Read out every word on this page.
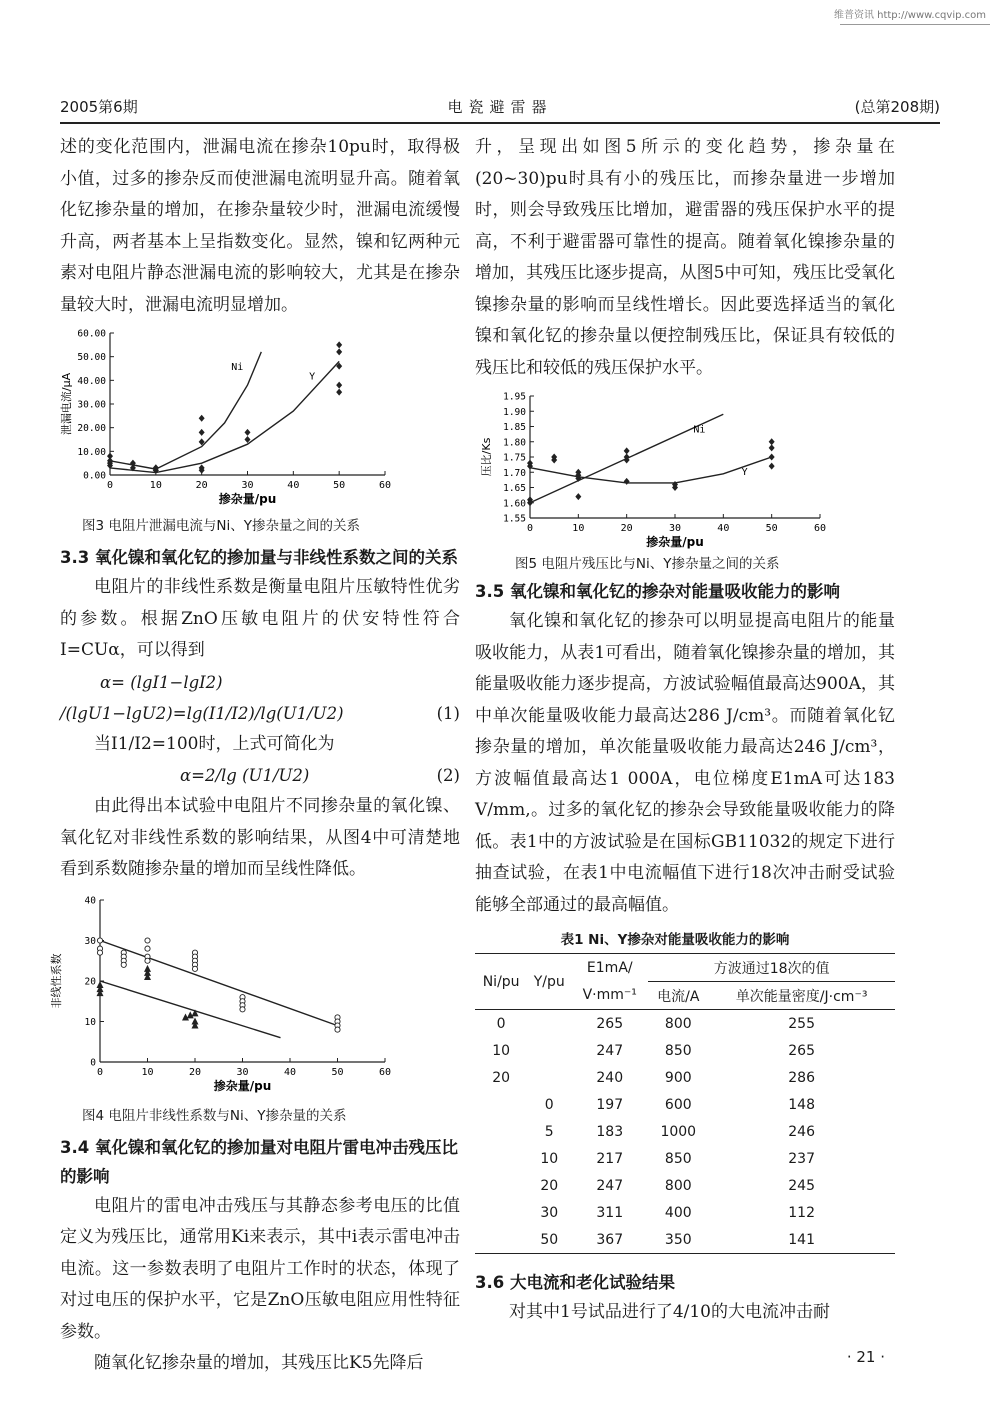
维普资讯 http://www.cqvip.com
2005第6期	电瓷避雷器	(总第208期)

述的变化范围内，泄漏电流在掺杂10pu时，取得极小值，过多的掺杂反而使泄漏电流明显升高。随着氧化钇掺杂量的增加，在掺杂量较少时，泄漏电流缓慢升高，两者基本上呈指数变化。显然，镍和钇两种元素对电阻片静态泄漏电流的影响较大，尤其是在掺杂量较大时，泄漏电流明显增加。

0	10	20	30	40	50	60
0.00
10.00
20.00
30.00
40.00
50.00
60.00
掺杂量/pu
泄漏电流/μA
Ni
Y
图3 电阻片泄漏电流与Ni、Y掺杂量之间的关系
3.3 氧化镍和氧化钇的掺加量与非线性系数之间的关系

电阻片的非线性系数是衡量电阻片压敏特性优劣的参数。根据ZnO压敏电阻片的伏安特性符合I=CUα，可以得到

α= (lgI1−lgI2) /(lgU1−lgU2)=lg(I1/I2)/lg(U1/U2)	(1)

当I1/I2=100时，上式可简化为

α=2/lg (U1/U2)	(2)

由此得出本试验中电阻片不同掺杂量的氧化镍、氧化钇对非线性系数的影响结果，从图4中可清楚地看到系数随掺杂量的增加而呈线性降低。

0	10	20	30	40	50	60
0
10
20
30
40
掺杂量/pu
非线性系数
图4 电阻片非线性系数与Ni、Y掺杂量的关系
3.4 氧化镍和氧化钇的掺加量对电阻片雷电冲击残压比的影响

电阻片的雷电冲击残压与其静态参考电压的比值定义为残压比，通常用Ki来表示，其中i表示雷电冲击电流。这一参数表明了电阻片工作时的状态，体现了对过电压的保护水平，它是ZnO压敏电阻应用性特征参数。

随氧化钇掺杂量的增加，其残压比K5先降后

升，呈现出如图5所示的变化趋势，掺杂量在(20~30)pu时具有小的残压比，而掺杂量进一步增加时，则会导致残压比增加，避雷器的残压保护水平的提高，不利于避雷器可靠性的提高。随着氧化镍掺杂量的增加，其残压比逐步提高，从图5中可知，残压比受氧化镍掺杂量的影响而呈线性增长。因此要选择适当的氧化镍和氧化钇的掺杂量以便控制残压比，保证具有较低的残压比和较低的残压保护水平。

0	10	20	30	40	50	60
1.55
1.60
1.65
1.70
1.75
1.80
1.85
1.90
1.95
掺杂量/pu
压比/Ks
Ni
Y
图5 电阻片残压比与Ni、Y掺杂量之间的关系
3.5 氧化镍和氧化钇的掺杂对能量吸收能力的影响

氧化镍和氧化钇的掺杂可以明显提高电阻片的能量吸收能力，从表1可看出，随着氧化镍掺杂量的增加，其能量吸收能力逐步提高，方波试验幅值最高达900A，其中单次能量吸收能力最高达286 J/cm³。而随着氧化钇掺杂量的增加，单次能量吸收能力最高达246 J/cm³，方波幅值最高达1 000A，电位梯度E1mA可达183 V/mm,。过多的氧化钇的掺杂会导致能量吸收能力的降低。表1中的方波试验是在国标GB11032的规定下进行抽查试验，在表1中电流幅值下进行18次冲击耐受试验能够全部通过的最高幅值。

表1 Ni、Y掺杂对能量吸收能力的影响
Ni/pu	Y/pu	E1mA/	方波通过18次的值	
		V·mm⁻¹	电流/A	单次能量密度/J·cm⁻³
0		265	800	255
10		247	850	265
20		240	900	286
	0	197	600	148
	5	183	1000	246
	10	217	850	237
	20	247	800	245
	30	311	400	112
	50	367	350	141
3.6 大电流和老化试验结果

对其中1号试品进行了4/10的大电流冲击耐

· 21 ·
